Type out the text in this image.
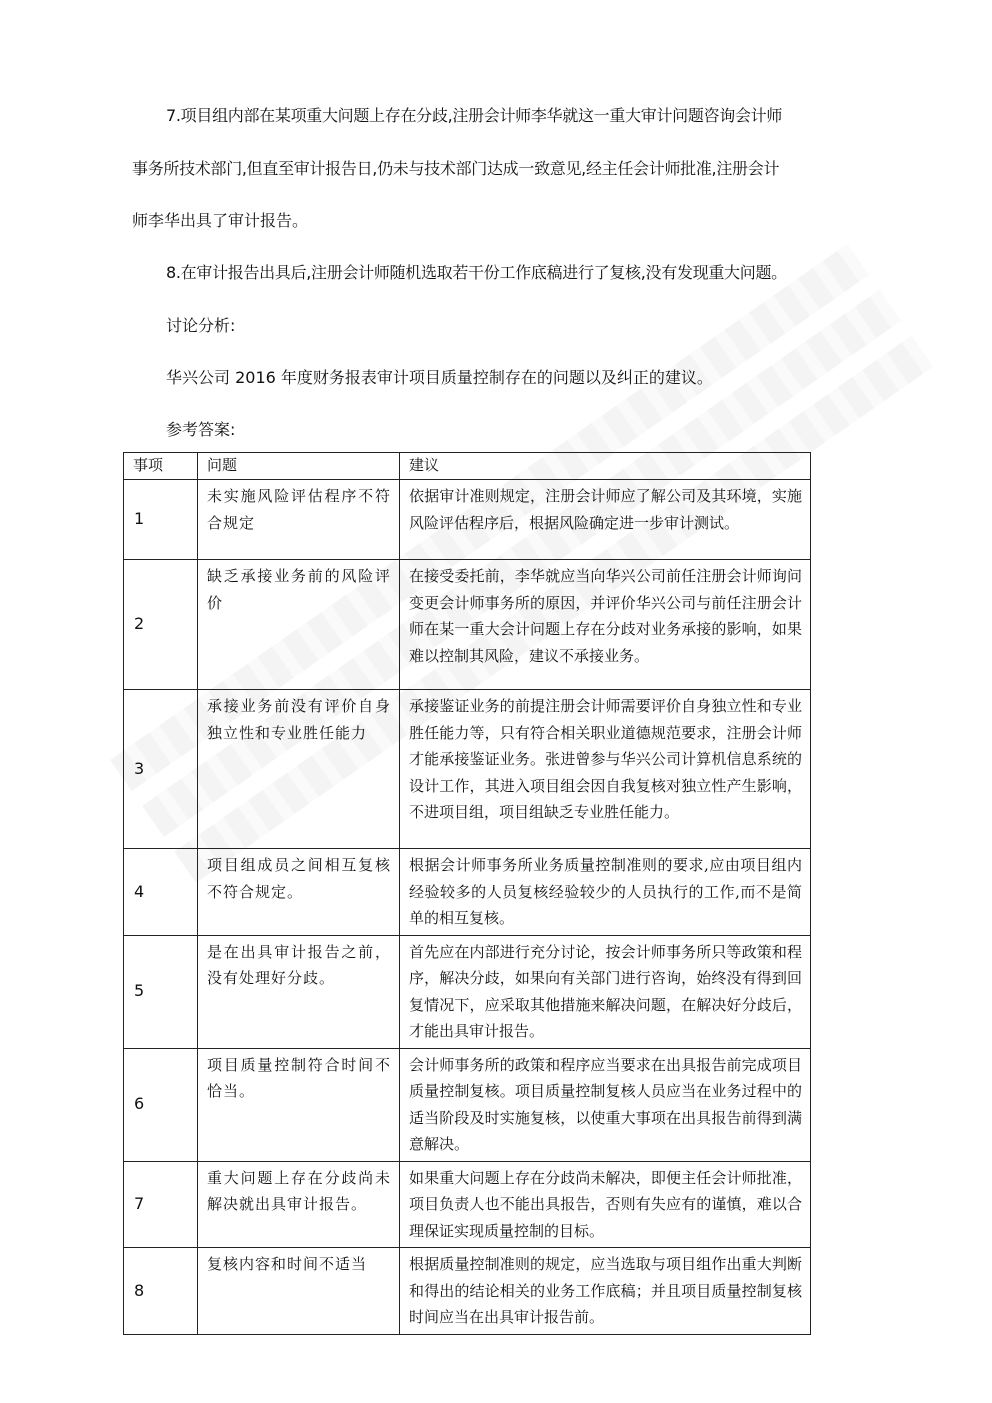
7.项目组内部在某项重大问题上存在分歧,注册会计师李华就这一重大审计问题咨询会计师
事务所技术部门,但直至审计报告日,仍未与技术部门达成一致意见,经主任会计师批准,注册会计
师李华出具了审计报告。
8.在审计报告出具后,注册会计师随机选取若干份工作底稿进行了复核,没有发现重大问题。
讨论分析:
华兴公司 2016 年度财务报表审计项目质量控制存在的问题以及纠正的建议。
参考答案:
事项	问题	建议
1	未实施风险评估程序不符合规定	依据审计准则规定，注册会计师应了解公司及其环境，实施风险评估程序后，根据风险确定进一步审计测试。
2	缺乏承接业务前的风险评价	在接受委托前，李华就应当向华兴公司前任注册会计师询问变更会计师事务所的原因，并评价华兴公司与前任注册会计师在某一重大会计问题上存在分歧对业务承接的影响，如果难以控制其风险，建议不承接业务。
3	承接业务前没有评价自身独立性和专业胜任能力	承接鉴证业务的前提注册会计师需要评价自身独立性和专业胜任能力等，只有符合相关职业道德规范要求，注册会计师才能承接鉴证业务。张进曾参与华兴公司计算机信息系统的设计工作，其进入项目组会因自我复核对独立性产生影响，不进项目组，项目组缺乏专业胜任能力。
4	项目组成员之间相互复核不符合规定。	根据会计师事务所业务质量控制准则的要求,应由项目组内经验较多的人员复核经验较少的人员执行的工作,而不是简单的相互复核。
5	是在出具审计报告之前，没有处理好分歧。	首先应在内部进行充分讨论，按会计师事务所只等政策和程序，解决分歧，如果向有关部门进行咨询，始终没有得到回复情况下，应采取其他措施来解决问题，在解决好分歧后，才能出具审计报告。
6	项目质量控制符合时间不恰当。	会计师事务所的政策和程序应当要求在出具报告前完成项目质量控制复核。项目质量控制复核人员应当在业务过程中的适当阶段及时实施复核，以使重大事项在出具报告前得到满意解决。
7	重大问题上存在分歧尚未解决就出具审计报告。	如果重大问题上存在分歧尚未解决，即便主任会计师批准，项目负责人也不能出具报告，否则有失应有的谨慎，难以合理保证实现质量控制的目标。
8	复核内容和时间不适当	根据质量控制准则的规定，应当选取与项目组作出重大判断和得出的结论相关的业务工作底稿；并且项目质量控制复核时间应当在出具审计报告前。
